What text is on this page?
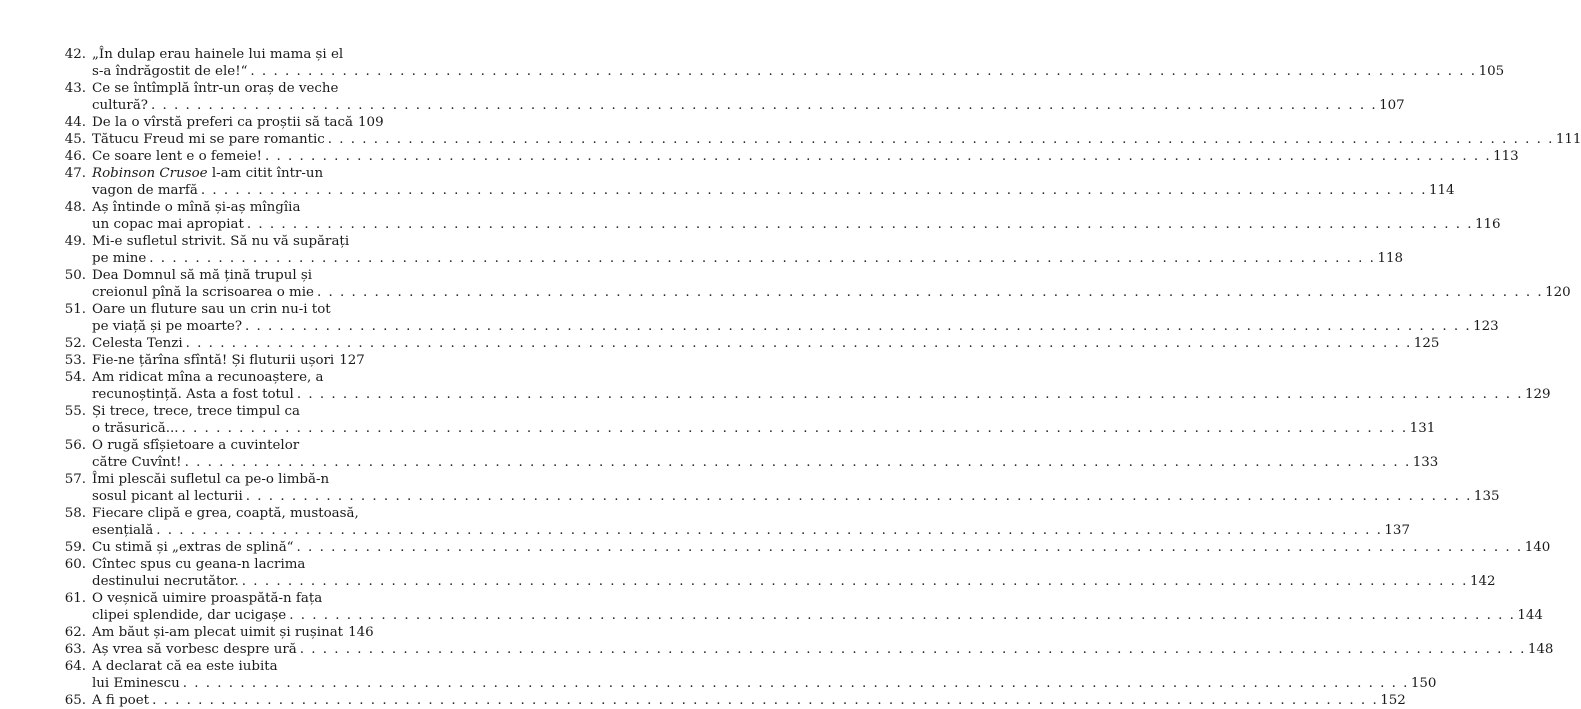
42. „În dulap erau hainele lui mama și el
s-a îndrăgostit de ele!“ . . .	105
43. Ce se întîmplă într-un oraș de veche
cultură? . . .	107
44. De la o vîrstă preferi ca proștii să tacă 109
45. Tătucu Freud mi se pare romantic . . .	111
46. Ce soare lent e o femeie! . . .	113
47. Robinson Crusoe l-am citit într-un
vagon de marfă . . .	114
48. Aș întinde o mînă și-aș mîngîia
un copac mai apropiat . . .	116
49. Mi-e sufletul strivit. Să nu vă supărați
pe mine . . .	118
50. Dea Domnul să mă țină trupul și
creionul pînă la scrisoarea o mie . . .	120
51. Oare un fluture sau un crin nu-i tot
pe viață și pe moarte? . . .	123
52. Celesta Tenzi . . .	125
53. Fie-ne țărîna sfîntă! Și fluturii ușori 127
54. Am ridicat mîna a recunoaștere, a
recunoștință. Asta a fost totul . . .	129
55. Și trece, trece, trece timpul ca
o trăsurică... . . .	131
56. O rugă sfîșietoare a cuvintelor
către Cuvînt! . . .	133
57. Îmi plescăi sufletul ca pe-o limbă-n
sosul picant al lecturii . . .	135
58. Fiecare clipă e grea, coaptă, mustoasă,
esențială . . .	137
59. Cu stimă și „extras de splină“ . . .	140
60. Cîntec spus cu geana-n lacrima
destinului necrutător. . . .	142
61. O veșnică uimire proaspătă-n fața
clipei splendide, dar ucigașe . . .	144
62. Am băut și-am plecat uimit și rușinat 146
63. Aș vrea să vorbesc despre ură . . .	148
64. A declarat că ea este iubita
lui Eminescu . . .	150
65. A fi poet . . .	152
